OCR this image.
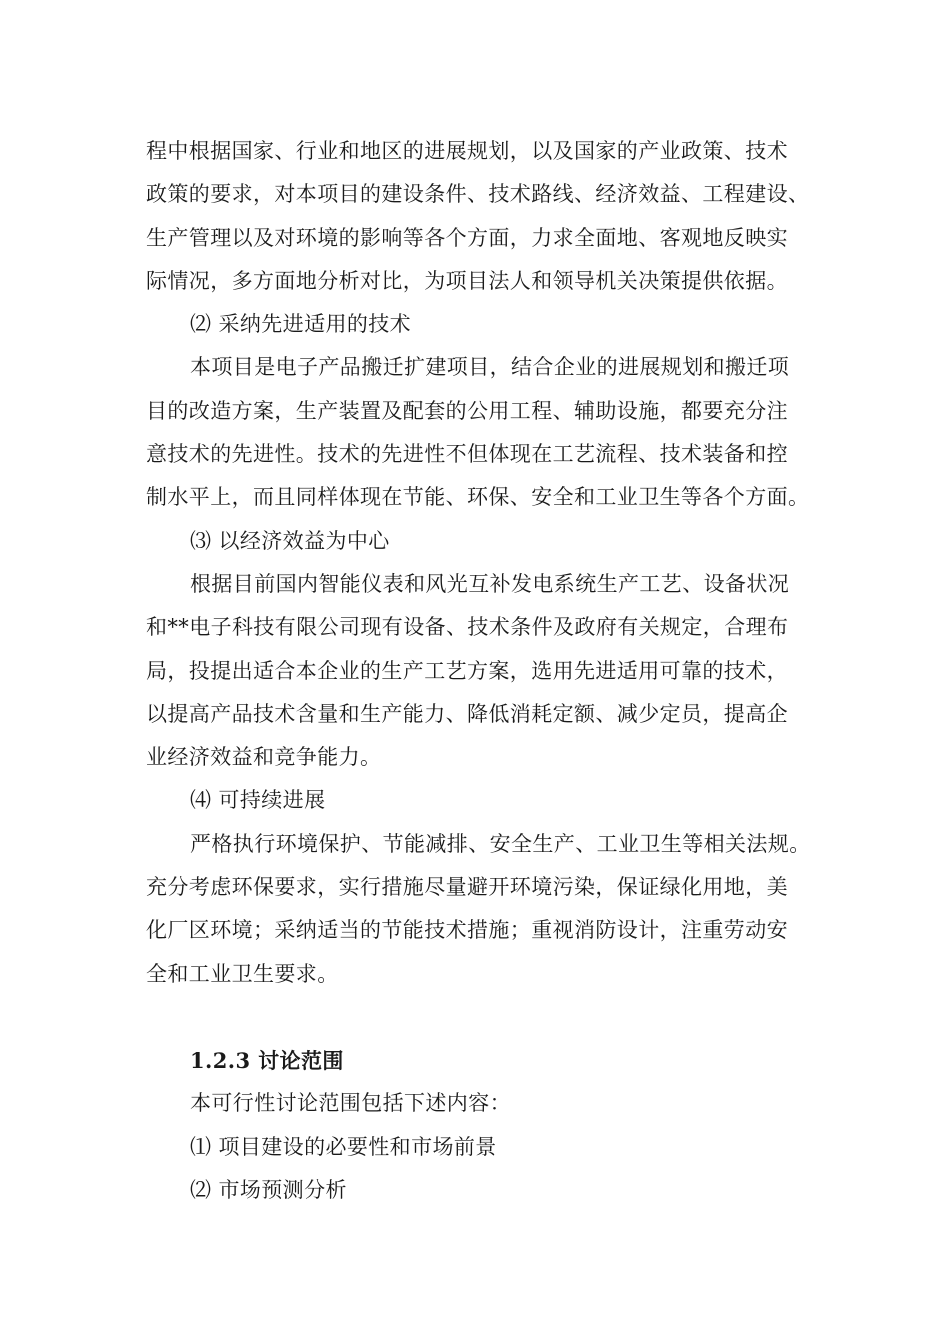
程中根据国家、行业和地区的进展规划，以及国家的产业政策、技术
政策的要求，对本项目的建设条件、技术路线、经济效益、工程建设、
生产管理以及对环境的影响等各个方面，力求全面地、客观地反映实
际情况，多方面地分析对比，为项目法人和领导机关决策提供依据。
⑵ 采纳先进适用的技术
本项目是电子产品搬迁扩建项目，结合企业的进展规划和搬迁项
目的改造方案，生产装置及配套的公用工程、辅助设施，都要充分注
意技术的先进性。技术的先进性不但体现在工艺流程、技术装备和控
制水平上，而且同样体现在节能、环保、安全和工业卫生等各个方面。
⑶ 以经济效益为中心
根据目前国内智能仪表和风光互补发电系统生产工艺、设备状况
和**电子科技有限公司现有设备、技术条件及政府有关规定，合理布
局，投提出适合本企业的生产工艺方案，选用先进适用可靠的技术，
以提高产品技术含量和生产能力、降低消耗定额、减少定员，提高企
业经济效益和竞争能力。
⑷ 可持续进展
严格执行环境保护、节能减排、安全生产、工业卫生等相关法规。
充分考虑环保要求，实行措施尽量避开环境污染，保证绿化用地，美
化厂区环境；采纳适当的节能技术措施；重视消防设计，注重劳动安
全和工业卫生要求。
1.2.3 讨论范围
本可行性讨论范围包括下述内容：
⑴ 项目建设的必要性和市场前景
⑵ 市场预测分析
